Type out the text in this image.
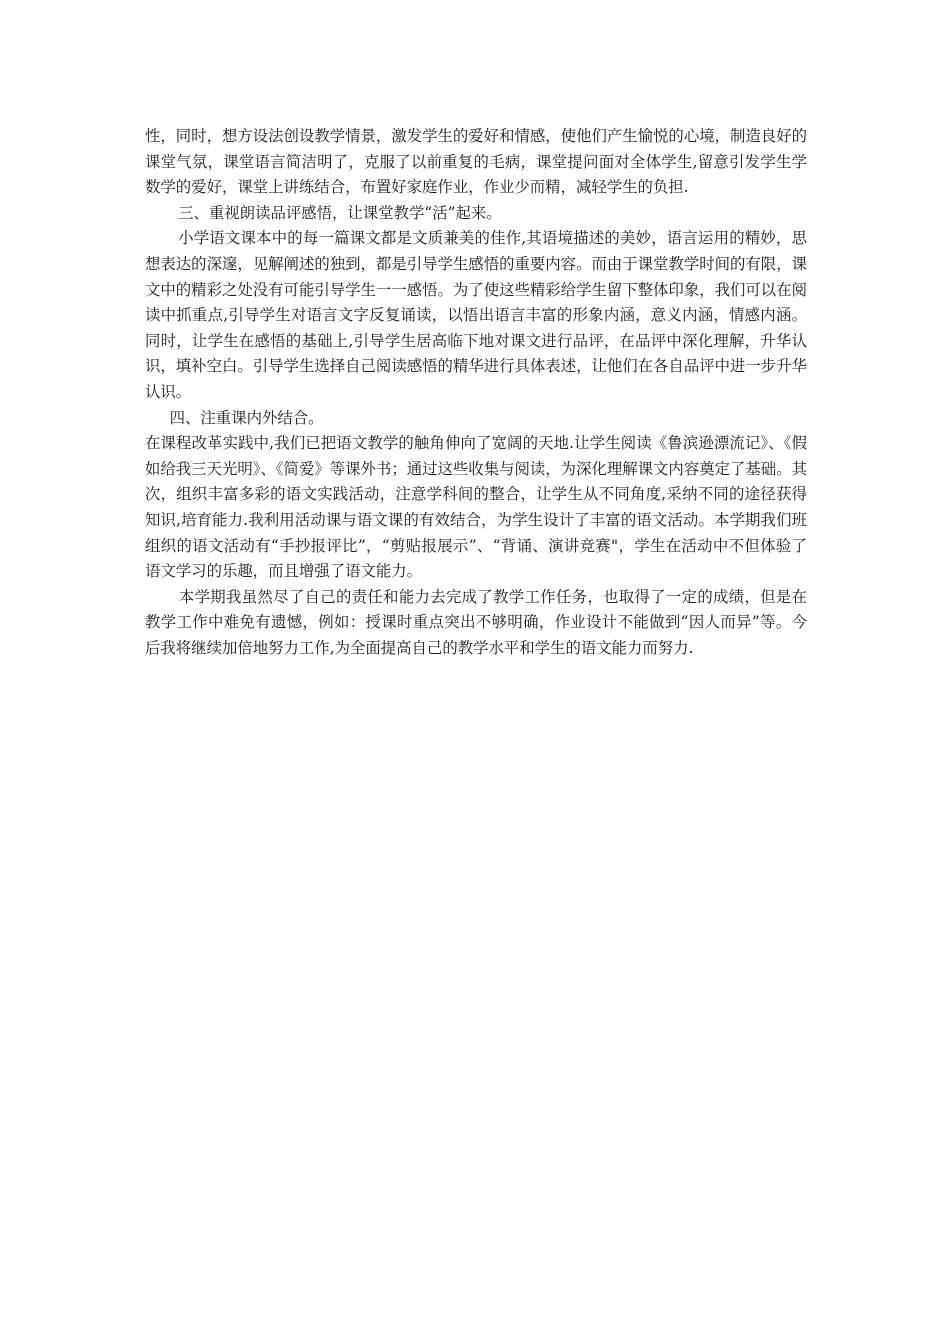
性，同时，想方设法创设教学情景，激发学生的爱好和情感，使他们产生愉悦的心境，制造良好的课堂气氛，课堂语言简洁明了，克服了以前重复的毛病，课堂提问面对全体学生,留意引发学生学数学的爱好，课堂上讲练结合，布置好家庭作业，作业少而精，减轻学生的负担.

三、重视朗读品评感悟，让课堂教学“活”起来。

小学语文课本中的每一篇课文都是文质兼美的佳作,其语境描述的美妙，语言运用的精妙，思想表达的深邃，见解阐述的独到，都是引导学生感悟的重要内容。而由于课堂教学时间的有限，课文中的精彩之处没有可能引导学生一一感悟。为了使这些精彩给学生留下整体印象，我们可以在阅读中抓重点,引导学生对语言文字反复诵读，以悟出语言丰富的形象内涵，意义内涵，情感内涵。同时，让学生在感悟的基础上,引导学生居高临下地对课文进行品评，在品评中深化理解，升华认识，填补空白。引导学生选择自己阅读感悟的精华进行具体表述，让他们在各自品评中进一步升华认识。

四、注重课内外结合。

在课程改革实践中,我们已把语文教学的触角伸向了宽阔的天地.让学生阅读《鲁滨逊漂流记》、《假如给我三天光明》、《简爱》等课外书；通过这些收集与阅读，为深化理解课文内容奠定了基础。其次，组织丰富多彩的语文实践活动，注意学科间的整合，让学生从不同角度,采纳不同的途径获得知识,培育能力.我利用活动课与语文课的有效结合，为学生设计了丰富的语文活动。本学期我们班组织的语文活动有“手抄报评比”，“剪贴报展示”、“背诵、演讲竞赛"，学生在活动中不但体验了语文学习的乐趣，而且增强了语文能力。

本学期我虽然尽了自己的责任和能力去完成了教学工作任务，也取得了一定的成绩，但是在教学工作中难免有遗憾，例如：授课时重点突出不够明确，作业设计不能做到“因人而异”等。今后我将继续加倍地努力工作,为全面提高自己的教学水平和学生的语文能力而努力.
